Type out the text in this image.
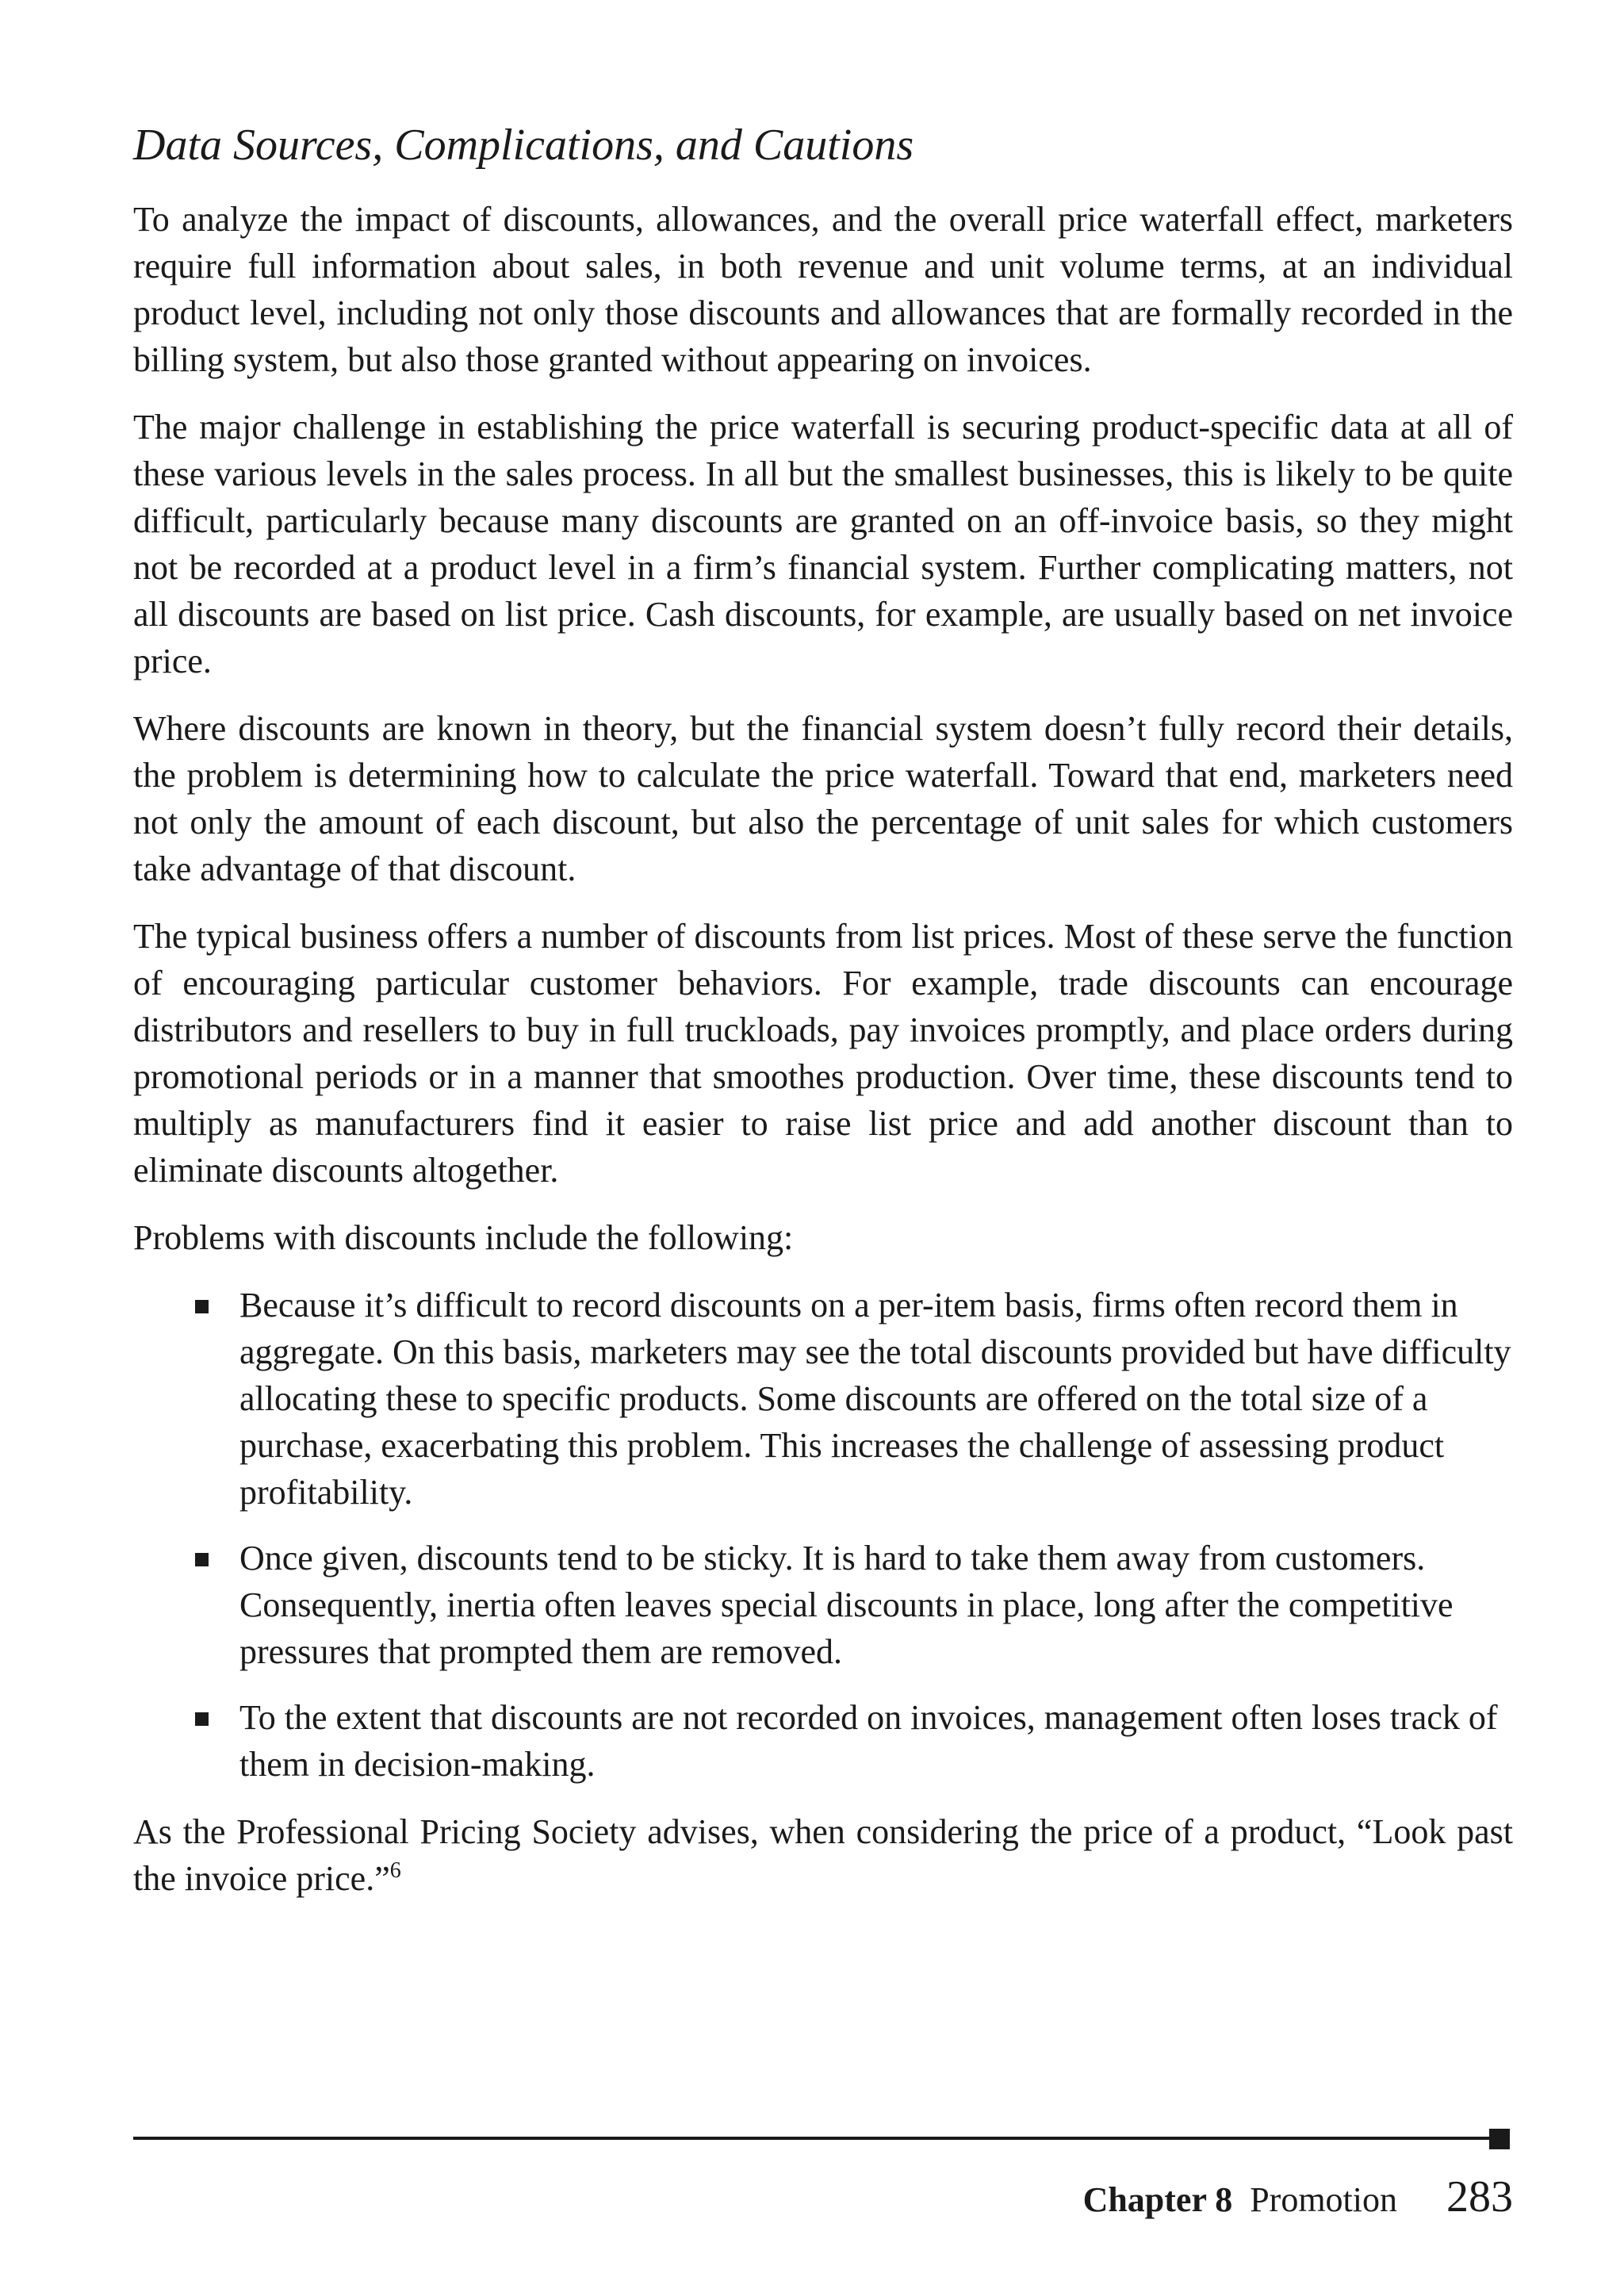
Data Sources, Complications, and Cautions

To analyze the impact of discounts, allowances, and the overall price waterfall effect, marketers require full information about sales, in both revenue and unit volume terms, at an individual product level, including not only those discounts and allowances that are formally recorded in the billing system, but also those granted without appearing on invoices.

The major challenge in establishing the price waterfall is securing product-specific data at all of these various levels in the sales process. In all but the smallest businesses, this is likely to be quite difficult, particularly because many discounts are granted on an off-invoice basis, so they might not be recorded at a product level in a firm’s financial system. Further complicating matters, not all discounts are based on list price. Cash discounts, for example, are usually based on net invoice price.

Where discounts are known in theory, but the financial system doesn’t fully record their details, the problem is determining how to calculate the price waterfall. Toward that end, marketers need not only the amount of each discount, but also the percentage of unit sales for which customers take advantage of that discount.

The typical business offers a number of discounts from list prices. Most of these serve the function of encouraging particular customer behaviors. For example, trade discounts can encourage distributors and resellers to buy in full truckloads, pay invoices promptly, and place orders during promotional periods or in a manner that smoothes production. Over time, these discounts tend to multiply as manufacturers find it easier to raise list price and add another discount than to eliminate discounts altogether.

Problems with discounts include the following:

Because it’s difficult to record discounts on a per-item basis, firms often record them in aggregate. On this basis, marketers may see the total discounts provided but have difficulty allocating these to specific products. Some discounts are offered on the total size of a purchase, exacerbating this problem. This increases the challenge of assessing product profitability.
Once given, discounts tend to be sticky. It is hard to take them away from customers. Consequently, inertia often leaves special discounts in place, long after the competitive pressures that prompted them are removed.
To the extent that discounts are not recorded on invoices, management often loses track of them in decision-making.

As the Professional Pricing Society advises, when considering the price of a product, “Look past the invoice price.”$^6$

Chapter 8 Promotion 283
